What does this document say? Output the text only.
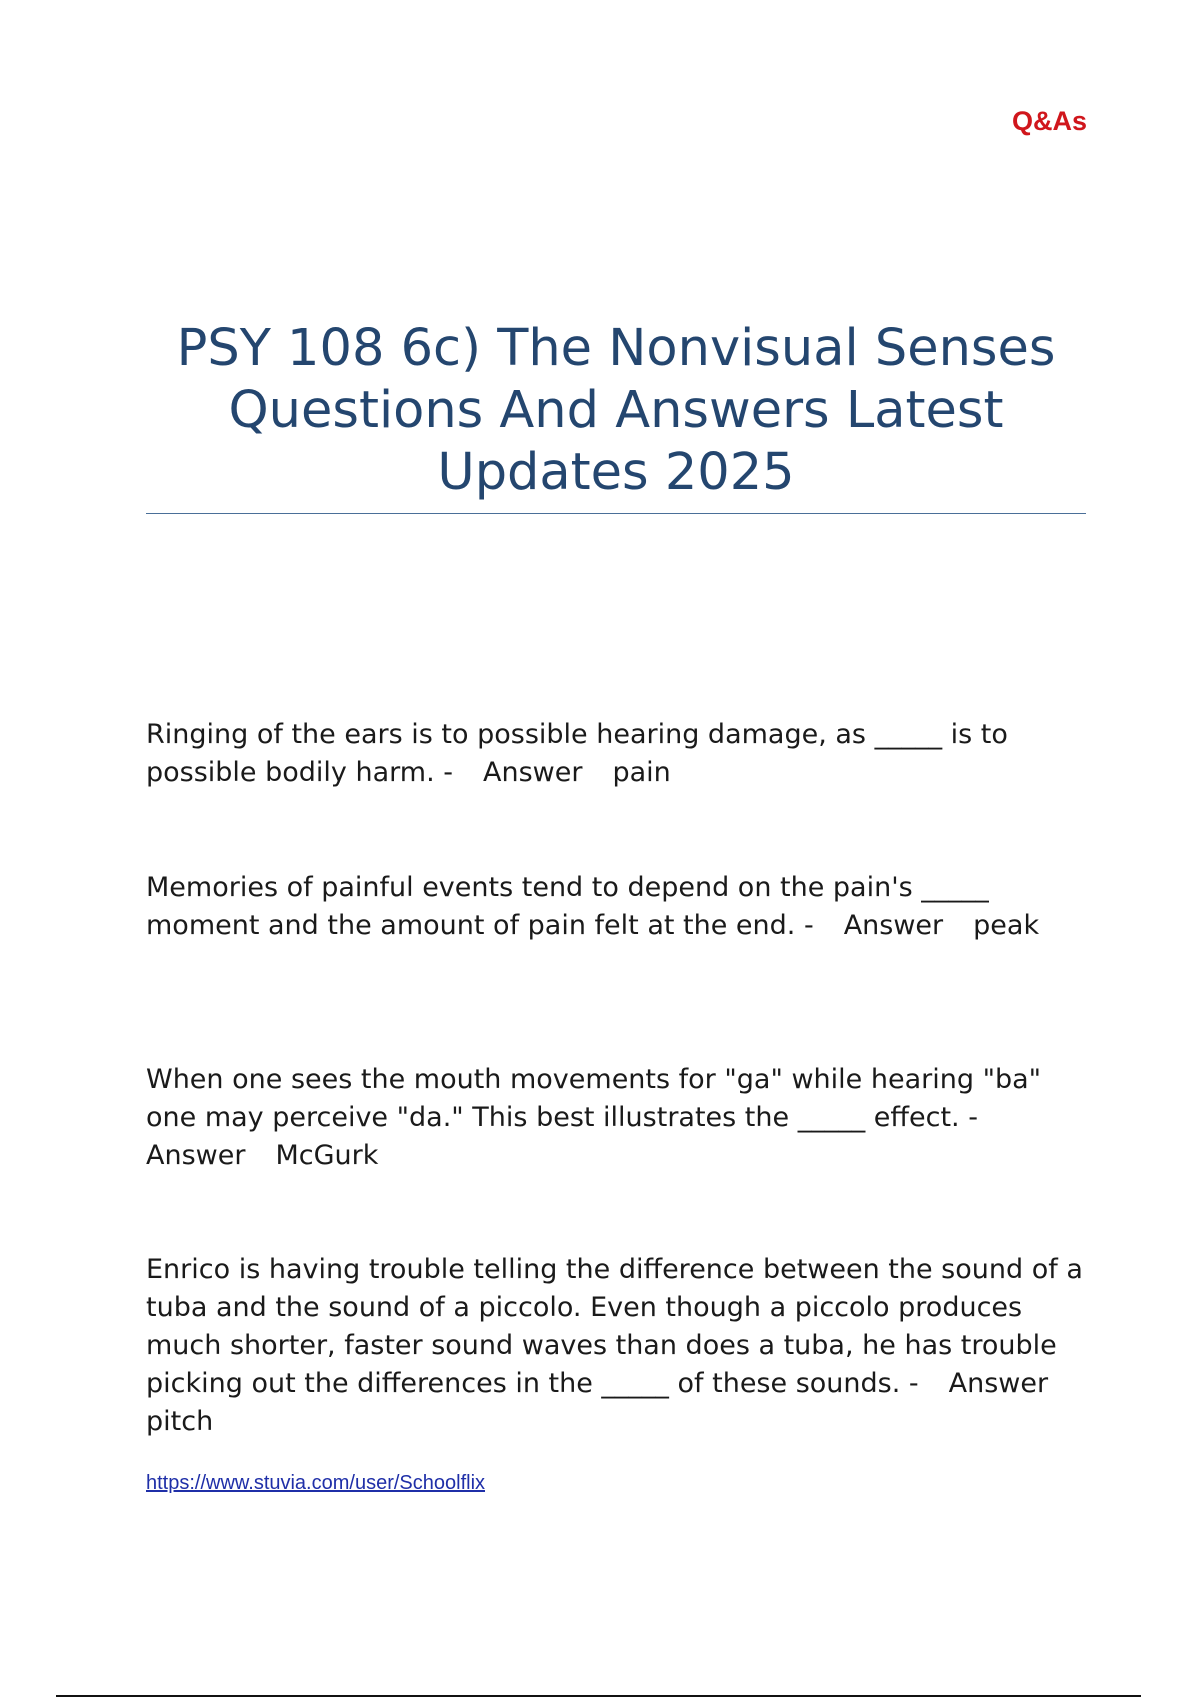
Q&As
PSY 108 6c) The Nonvisual Senses Questions And Answers Latest Updates 2025
Ringing of the ears is to possible hearing damage, as _____ is to possible bodily harm. - Answer pain
Memories of painful events tend to depend on the pain's _____ moment and the amount of pain felt at the end. - Answer peak
When one sees the mouth movements for "ga" while hearing "ba" one may perceive "da." This best illustrates the _____ effect. -Answer McGurk
Enrico is having trouble telling the difference between the sound of a tuba and the sound of a piccolo. Even though a piccolo produces much shorter, faster sound waves than does a tuba, he has trouble picking out the differences in the _____ of these sounds. - Answerpitch
https://www.stuvia.com/user/Schoolflix
